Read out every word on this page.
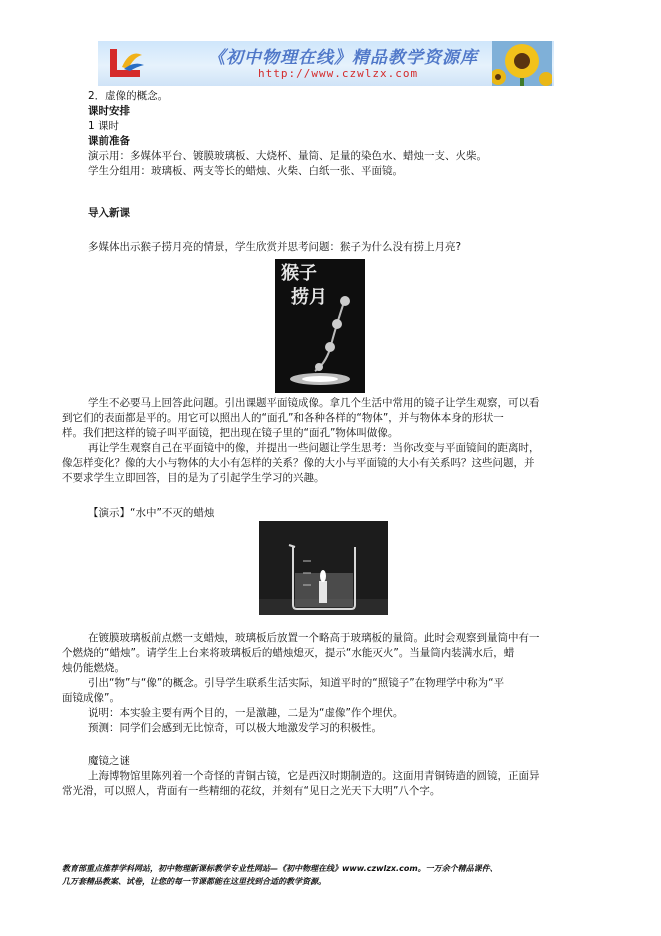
《初中物理在线》精品教学资源库
http://www.czwlzx.com
2．虚像的概念。
课时安排
1 课时
课前准备
演示用：多媒体平台、镀膜玻璃板、大烧杯、量筒、足量的染色水、蜡烛一支、火柴。
学生分组用：玻璃板、两支等长的蜡烛、火柴、白纸一张、平面镜。
导入新课
多媒体出示猴子捞月亮的情景，学生欣赏并思考问题：猴子为什么没有捞上月亮?
猴子
捞月
学生不必要马上回答此问题。引出课题平面镜成像。拿几个生活中常用的镜子让学生观察，可以看
到它们的表面都是平的。用它可以照出人的“面孔”和各种各样的“物体”，并与物体本身的形状一
样。我们把这样的镜子叫平面镜，把出现在镜子里的“面孔”物体叫做像。
再让学生观察自己在平面镜中的像，并提出一些问题让学生思考：当你改变与平面镜间的距离时，
像怎样变化？像的大小与物体的大小有怎样的关系？像的大小与平面镜的大小有关系吗？这些问题，并
不要求学生立即回答，目的是为了引起学生学习的兴趣。
【演示】“水中”不灭的蜡烛
在镀膜玻璃板前点燃一支蜡烛，玻璃板后放置一个略高于玻璃板的量筒。此时会观察到量筒中有一
个燃烧的“蜡烛”。请学生上台来将玻璃板后的蜡烛熄灭，提示“水能灭火”。当量筒内装满水后，蜡
烛仍能燃烧。
引出“物”与“像”的概念。引导学生联系生活实际，知道平时的“照镜子”在物理学中称为“平
面镜成像”。
说明：本实验主要有两个目的，一是激趣，二是为“虚像”作个埋伏。
预测：同学们会感到无比惊奇，可以极大地激发学习的积极性。
魔镜之谜
上海博物馆里陈列着一个奇怪的青铜古镜，它是西汉时期制造的。这面用青铜铸造的圆镜，正面异
常光滑，可以照人，背面有一些精细的花纹，并刻有“见日之光天下大明”八个字。
教育部重点推荐学科网站，初中物理新课标教学专业性网站—《初中物理在线》www.czwlzx.com。一万余个精品课件、
几万套精品教案、试卷，让您的每一节课都能在这里找到合适的教学资源。
